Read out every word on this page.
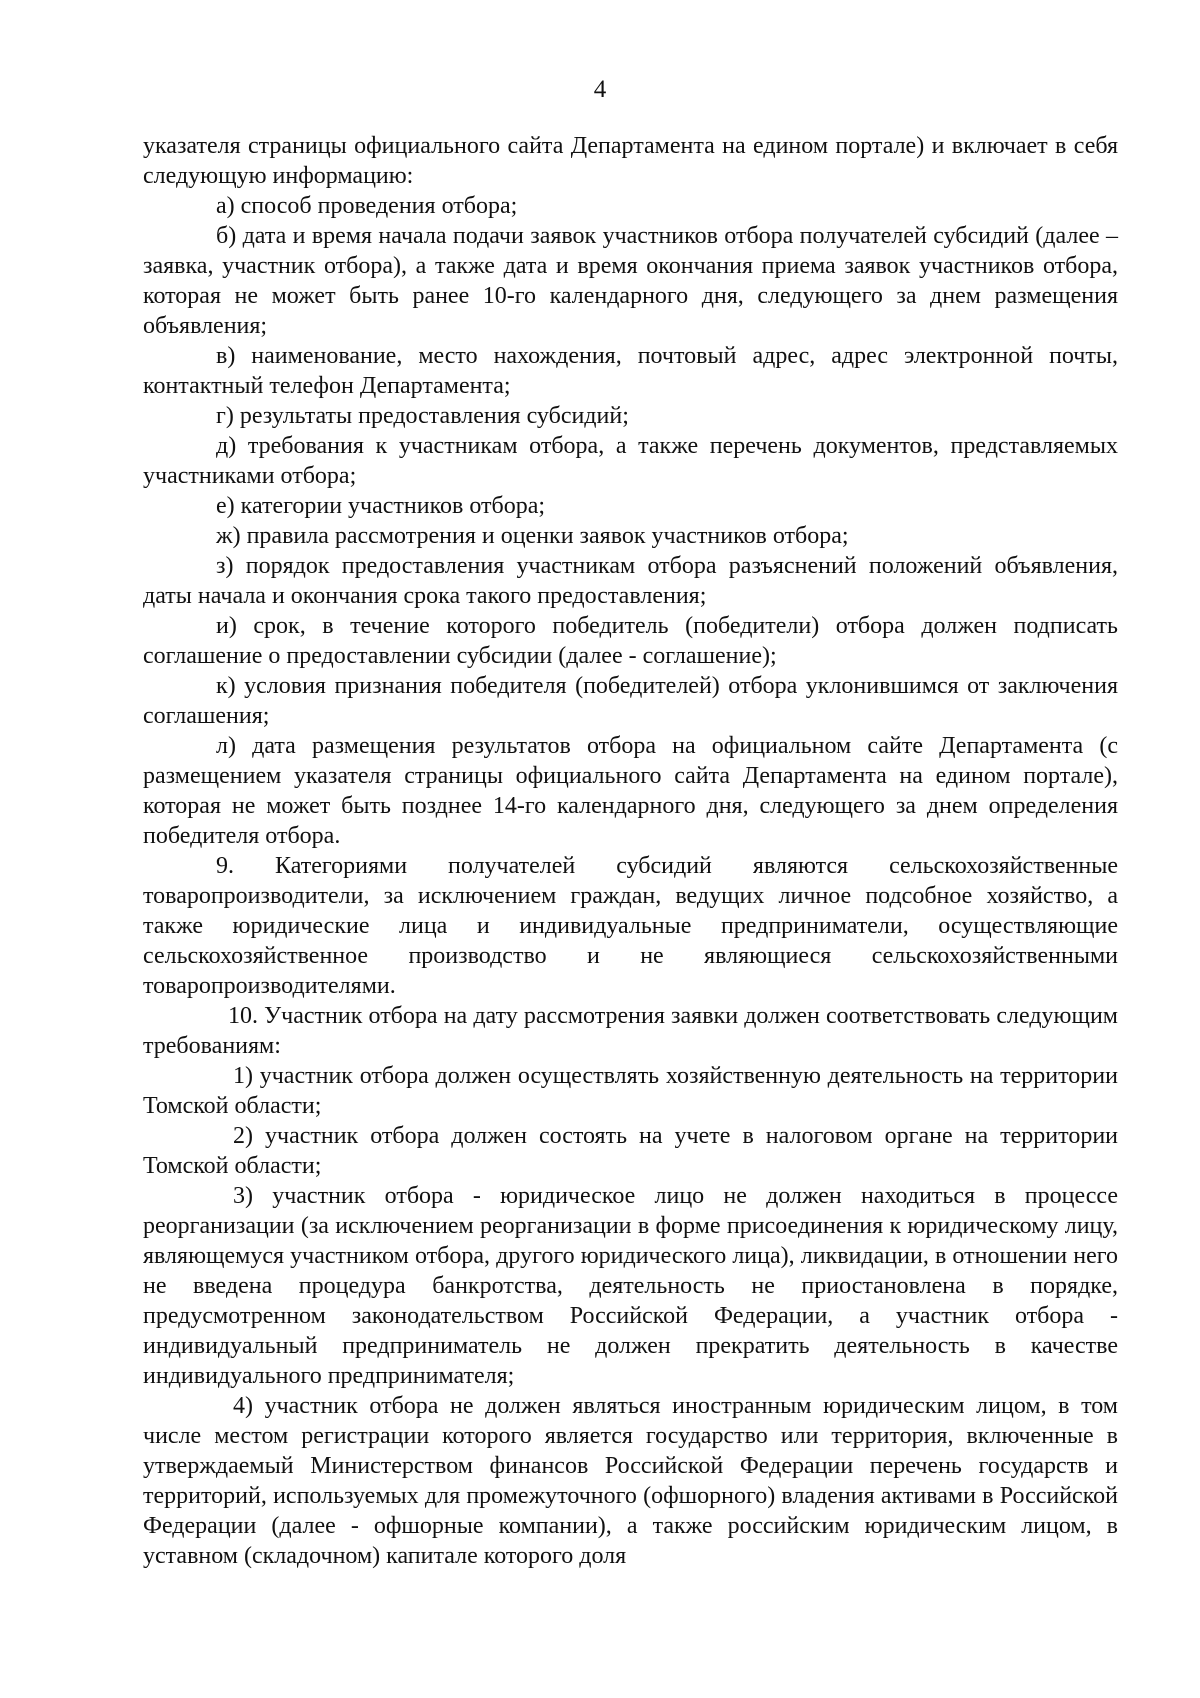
4

указателя страницы официального сайта Департамента на едином портале) и включает в себя следующую информацию:

а) способ проведения отбора;

б) дата и время начала подачи заявок участников отбора получателей субсидий (далее – заявка, участник отбора), а также дата и время окончания приема заявок участников отбора, которая не может быть ранее 10-го календарного дня, следующего за днем размещения объявления;

в) наименование, место нахождения, почтовый адрес, адрес электронной почты, контактный телефон Департамента;

г) результаты предоставления субсидий;

д) требования к участникам отбора, а также перечень документов, представляемых участниками отбора;

е) категории участников отбора;

ж) правила рассмотрения и оценки заявок участников отбора;

з) порядок предоставления участникам отбора разъяснений положений объявления, даты начала и окончания срока такого предоставления;

и) срок, в течение которого победитель (победители) отбора должен подписать соглашение о предоставлении субсидии (далее - соглашение);

к) условия признания победителя (победителей) отбора уклонившимся от заключения соглашения;

л) дата размещения результатов отбора на официальном сайте Департамента (с размещением указателя страницы официального сайта Департамента на едином портале), которая не может быть позднее 14-го календарного дня, следующего за днем определения победителя отбора.

9. Категориями получателей субсидий являются сельскохозяйственные товаропроизводители, за исключением граждан, ведущих личное подсобное хозяйство, а также юридические лица и индивидуальные предприниматели, осуществляющие сельскохозяйственное производство и не являющиеся сельскохозяйственными товаропроизводителями.

10. Участник отбора на дату рассмотрения заявки должен соответствовать следующим требованиям:

1) участник отбора должен осуществлять хозяйственную деятельность на территории Томской области;

2) участник отбора должен состоять на учете в налоговом органе на территории Томской области;

3) участник отбора - юридическое лицо не должен находиться в процессе реорганизации (за исключением реорганизации в форме присоединения к юридическому лицу, являющемуся участником отбора, другого юридического лица), ликвидации, в отношении него не введена процедура банкротства, деятельность не приостановлена в порядке, предусмотренном законодательством Российской Федерации, а участник отбора - индивидуальный предприниматель не должен прекратить деятельность в качестве индивидуального предпринимателя;

4) участник отбора не должен являться иностранным юридическим лицом, в том числе местом регистрации которого является государство или территория, включенные в утверждаемый Министерством финансов Российской Федерации перечень государств и территорий, используемых для промежуточного (офшорного) владения активами в Российской Федерации (далее - офшорные компании), а также российским юридическим лицом, в уставном (складочном) капитале которого доля
